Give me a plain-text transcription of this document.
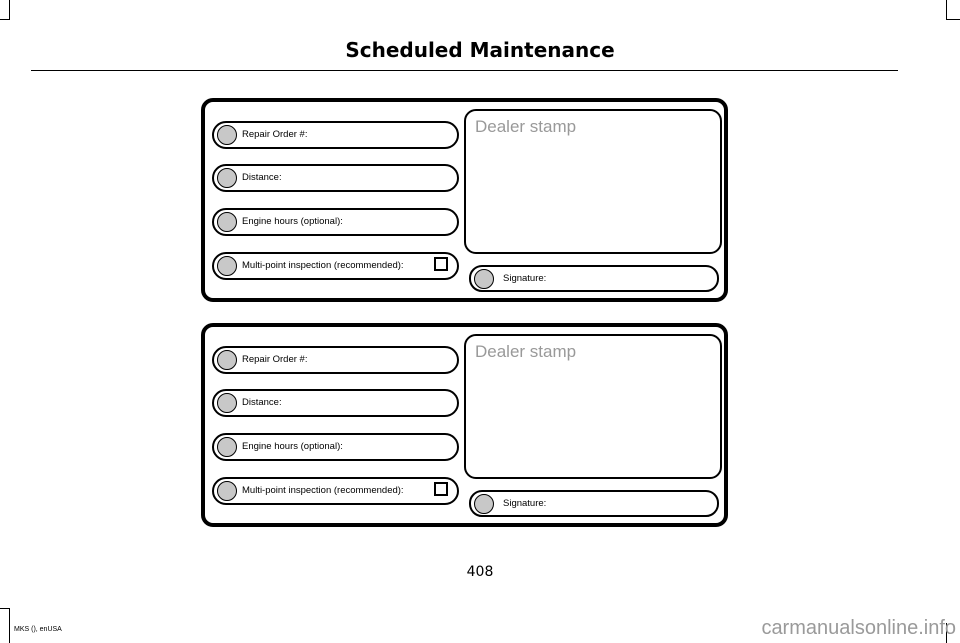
Scheduled Maintenance
Repair Order #:
Distance:
Engine hours (optional):
Multi-point inspection (recommended):
Dealer stamp
Signature:
Repair Order #:
Distance:
Engine hours (optional):
Multi-point inspection (recommended):
Dealer stamp
Signature:
408
MKS (), enUSA	carmanualsonline.info
